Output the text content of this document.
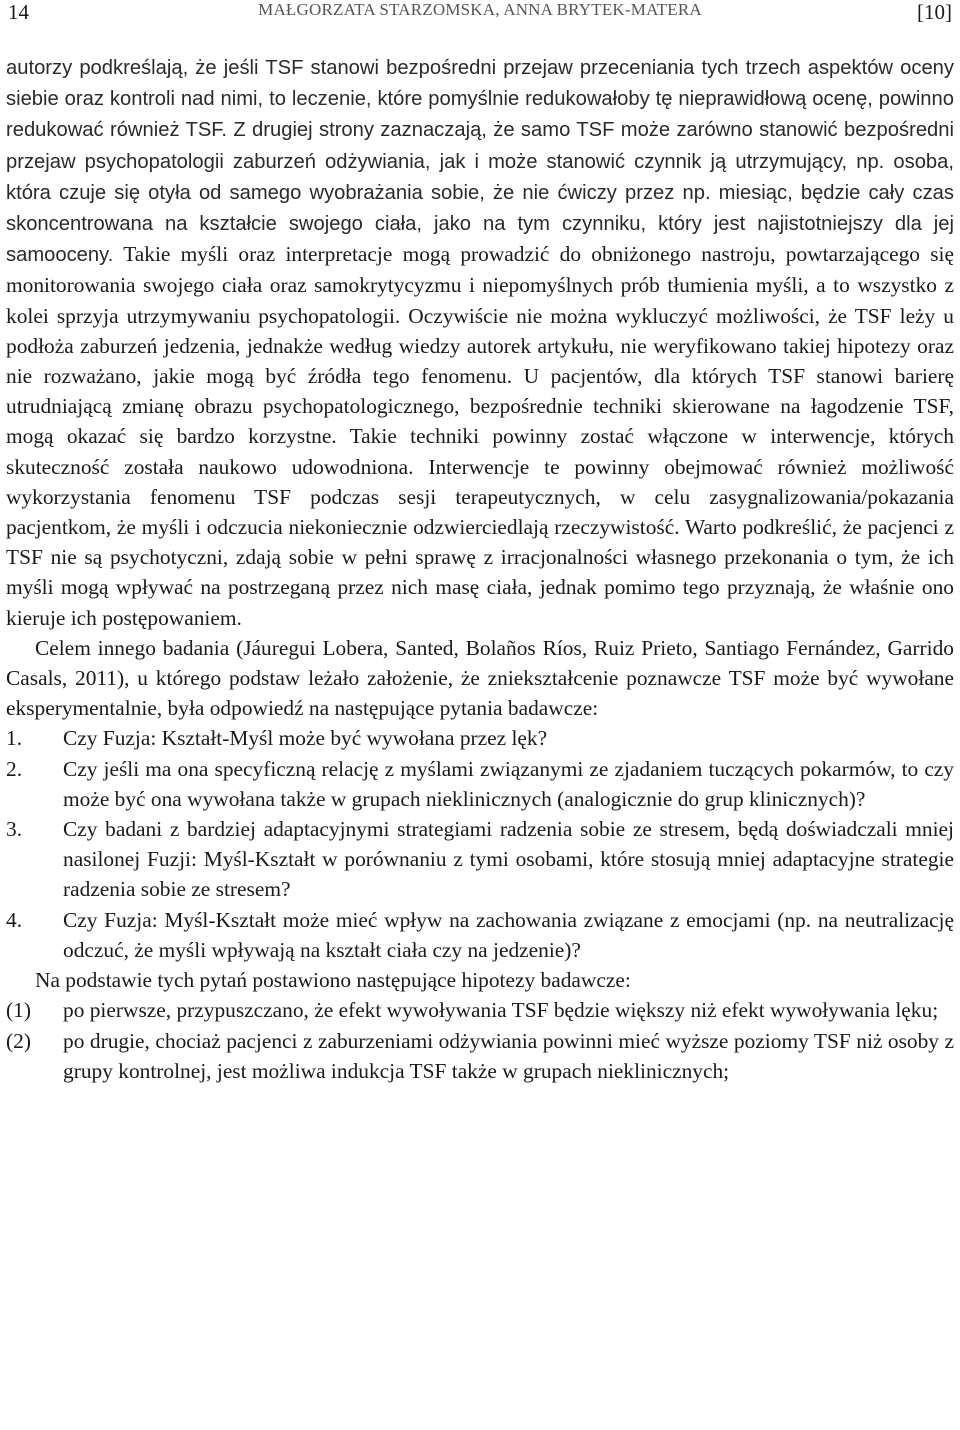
14	MAŁGORZATA STARZOMSKA, ANNA BRYTEK-MATERA	[10]

autorzy podkreślają, że jeśli TSF stanowi bezpośredni przejaw przeceniania tych trzech aspektów oceny siebie oraz kontroli nad nimi, to leczenie, które pomyślnie redukowałoby tę nieprawidłową ocenę, powinno redukować również TSF. Z drugiej strony zaznaczają, że samo TSF może zarówno stanowić bezpośredni przejaw psychopatologii zaburzeń odżywiania, jak i może stanowić czynnik ją utrzymujący, np. osoba, która czuje się otyła od samego wyobrażania sobie, że nie ćwiczy przez np. miesiąc, będzie cały czas skoncentrowana na kształcie swojego ciała, jako na tym czynniku, który jest najistotniejszy dla jej samooceny. Takie myśli oraz interpretacje mogą prowadzić do obniżonego nastroju, powtarzającego się monitorowania swojego ciała oraz samokrytycyzmu i niepomyślnych prób tłumienia myśli, a to wszystko z kolei sprzyja utrzymywaniu psychopatologii. Oczywiście nie można wykluczyć możliwości, że TSF leży u podłoża zaburzeń jedzenia, jednakże według wiedzy autorek artykułu, nie weryfikowano takiej hipotezy oraz nie rozważano, jakie mogą być źródła tego fenomenu. U pacjentów, dla których TSF stanowi barierę utrudniającą zmianę obrazu psychopatologicznego, bezpośrednie techniki skierowane na łagodzenie TSF, mogą okazać się bardzo korzystne. Takie techniki powinny zostać włączone w interwencje, których skuteczność została naukowo udowodniona. Interwencje te powinny obejmować również możliwość wykorzystania fenomenu TSF podczas sesji terapeutycznych, w celu zasygnalizowania/pokazania pacjentkom, że myśli i odczucia niekoniecznie odzwierciedlają rzeczywistość. Warto podkreślić, że pacjenci z TSF nie są psychotyczni, zdają sobie w pełni sprawę z irracjonalności własnego przekonania o tym, że ich myśli mogą wpływać na postrzeganą przez nich masę ciała, jednak pomimo tego przyznają, że właśnie ono kieruje ich postępowaniem.

Celem innego badania (Jáuregui Lobera, Santed, Bolaños Ríos, Ruiz Prieto, Santiago Fernández, Garrido Casals, 2011), u którego podstaw leżało założenie, że zniekształcenie poznawcze TSF może być wywołane eksperymentalnie, była odpowiedź na następujące pytania badawcze:

1. Czy Fuzja: Kształt-Myśl może być wywołana przez lęk?
2. Czy jeśli ma ona specyficzną relację z myślami związanymi ze zjadaniem tuczących pokarmów, to czy może być ona wywołana także w grupach nieklinicznych (analogicznie do grup klinicznych)?
3. Czy badani z bardziej adaptacyjnymi strategiami radzenia sobie ze stresem, będą doświadczali mniej nasilonej Fuzji: Myśl-Kształt w porównaniu z tymi osobami, które stosują mniej adaptacyjne strategie radzenia sobie ze stresem?
4. Czy Fuzja: Myśl-Kształt może mieć wpływ na zachowania związane z emocjami (np. na neutralizację odczuć, że myśli wpływają na kształt ciała czy na jedzenie)?

Na podstawie tych pytań postawiono następujące hipotezy badawcze:

(1) po pierwsze, przypuszczano, że efekt wywoływania TSF będzie większy niż efekt wywoływania lęku;
(2) po drugie, chociaż pacjenci z zaburzeniami odżywiania powinni mieć wyższe poziomy TSF niż osoby z grupy kontrolnej, jest możliwa indukcja TSF także w grupach nieklinicznych;
